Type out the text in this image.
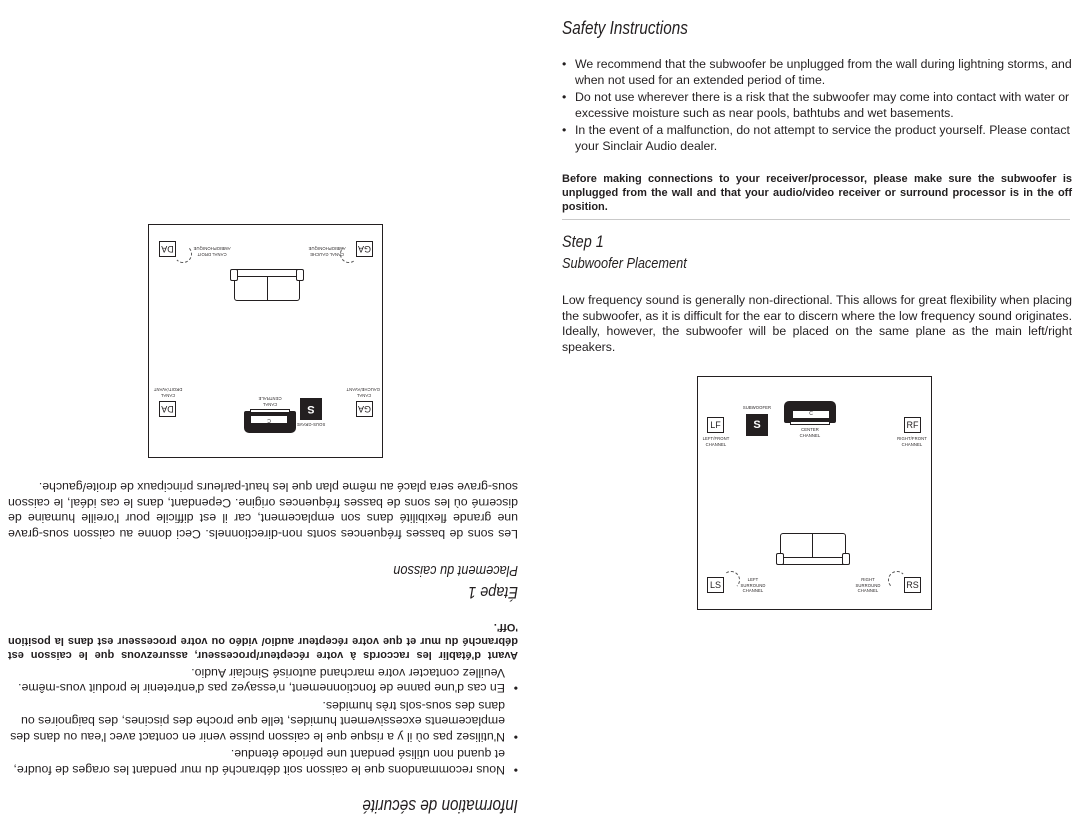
Information de sécurité
•
Nous recommandons que le caisson soit débranché du mur pendant les orages de foudre, et quand non utilisé pendant une période étendue.
•
N'utilisez pas où il y a risque que le caisson puisse venir en contact avec l'eau ou dans des emplacements excessivement humides, telle que proche des piscines, des baignoires ou dans des sous-sols très humides.
•
En cas d'une panne de fonctionnement, n'essayez pas d'entretenir le produit vous-même. Veuillez contacter votre marchand autorisé Sinclair Audio.

Avant d'établir les raccords à votre récepteur/processeur, assurezvous que le caisson est débranché du mur et que votre récepteur audio/ vidéo ou votre processeur est dans la position 'Off'.

Étape 1
Placement du caisson

Les sons de basses fréquences sonts non-directionnels. Ceci donne au caisson sous-grave une grande flexibilité dans son emplacement, car il est difficile pour l'oreille humaine de discerné où les sons de basses fréquences origine. Cependant, dans le cas idéal, le caisson sous-grave sera placé au même plan que les haut-parleurs principaux de droite/gauche.

GA
CANAL GAUCHE/AVANT
S
SOUS-GRAVE
C
CANAL CENTRALE
DA
CANAL DROIT/AVANT
GA
CANAL GAUCHE AMBIOPHONIQUE
DA
CANAL DROIT AMBIOPHONIQUE
Safety Instructions
• We recommend that the subwoofer be unplugged from the wall during lightning storms, and when not used for an extended period of time.
• Do not use wherever there is a risk that the subwoofer may come into contact with water or excessive moisture such as near pools, bathtubs and wet basements.
• In the event of a malfunction, do not attempt to service the product yourself. Please contact your Sinclair Audio dealer.

Before making connections to your receiver/processor, please make sure the subwoofer is unplugged from the wall and that your audio/video receiver or surround processor is in the off position.

Step 1
Subwoofer Placement

Low frequency sound is generally non-directional. This allows for great flexibility when placing the subwoofer, as it is difficult for the ear to discern where the low frequency sound originates. Ideally, however, the subwoofer will be placed on the same plane as the main left/right speakers.

LF
LEFT/FRONT CHANNEL
S
SUBWOOFER
C
CENTER CHANNEL
RF
RIGHT/FRONT CHANNEL
LS
LEFT SURROUND CHANNEL
RS
RIGHT SURROUND CHANNEL
